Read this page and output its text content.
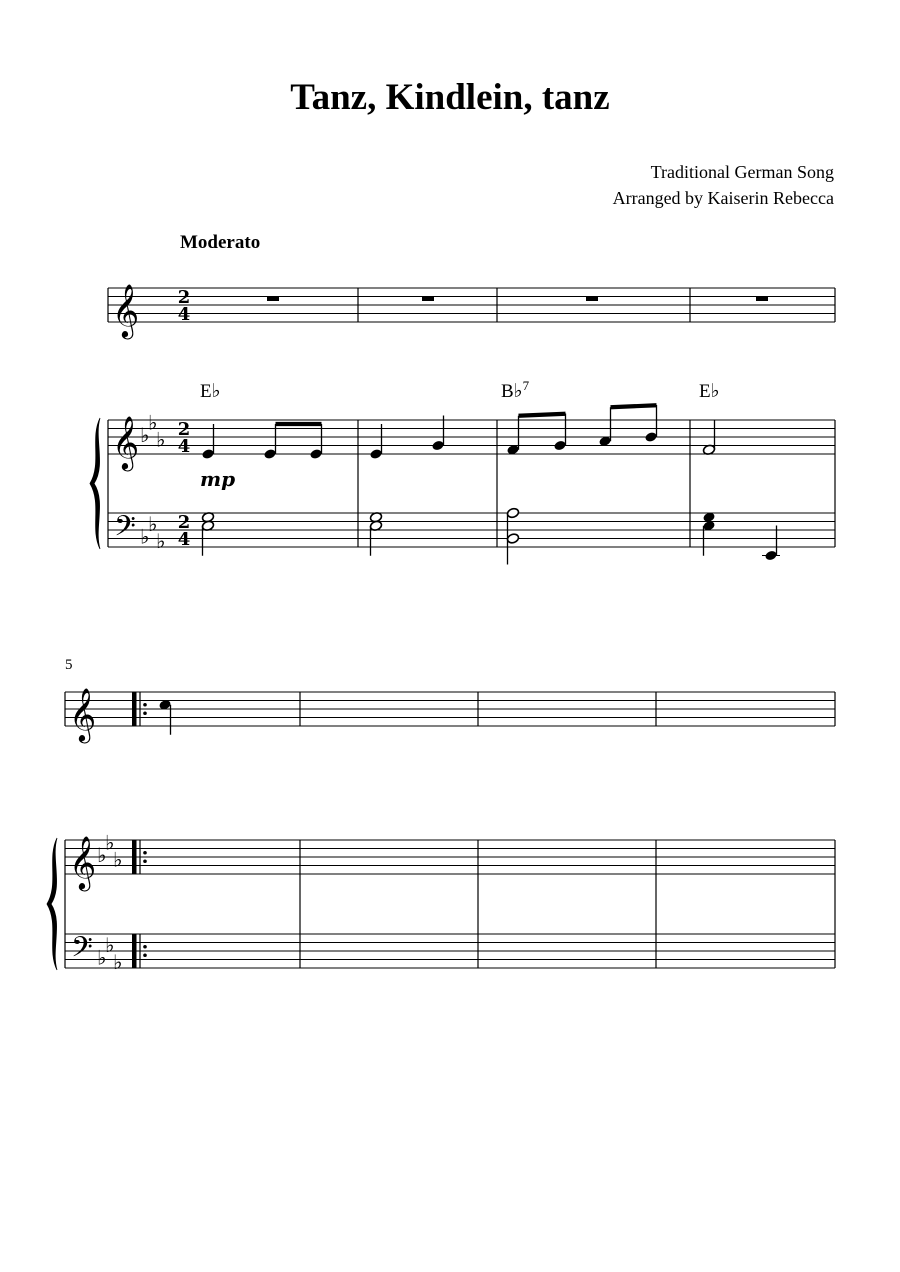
Tanz, Kindlein, tanz
Traditional German Song
Arranged by Kaiserin Rebecca
Moderato
𝄞 2
4
𝄞 ♭
♭
♭ 2
4
𝄢 ♭
♭
♭
2
4
E♭	B♭$^7$	E♭
mp
5
𝄞
𝄞 ♭
♭
♭
𝄢 ♭
♭
♭
